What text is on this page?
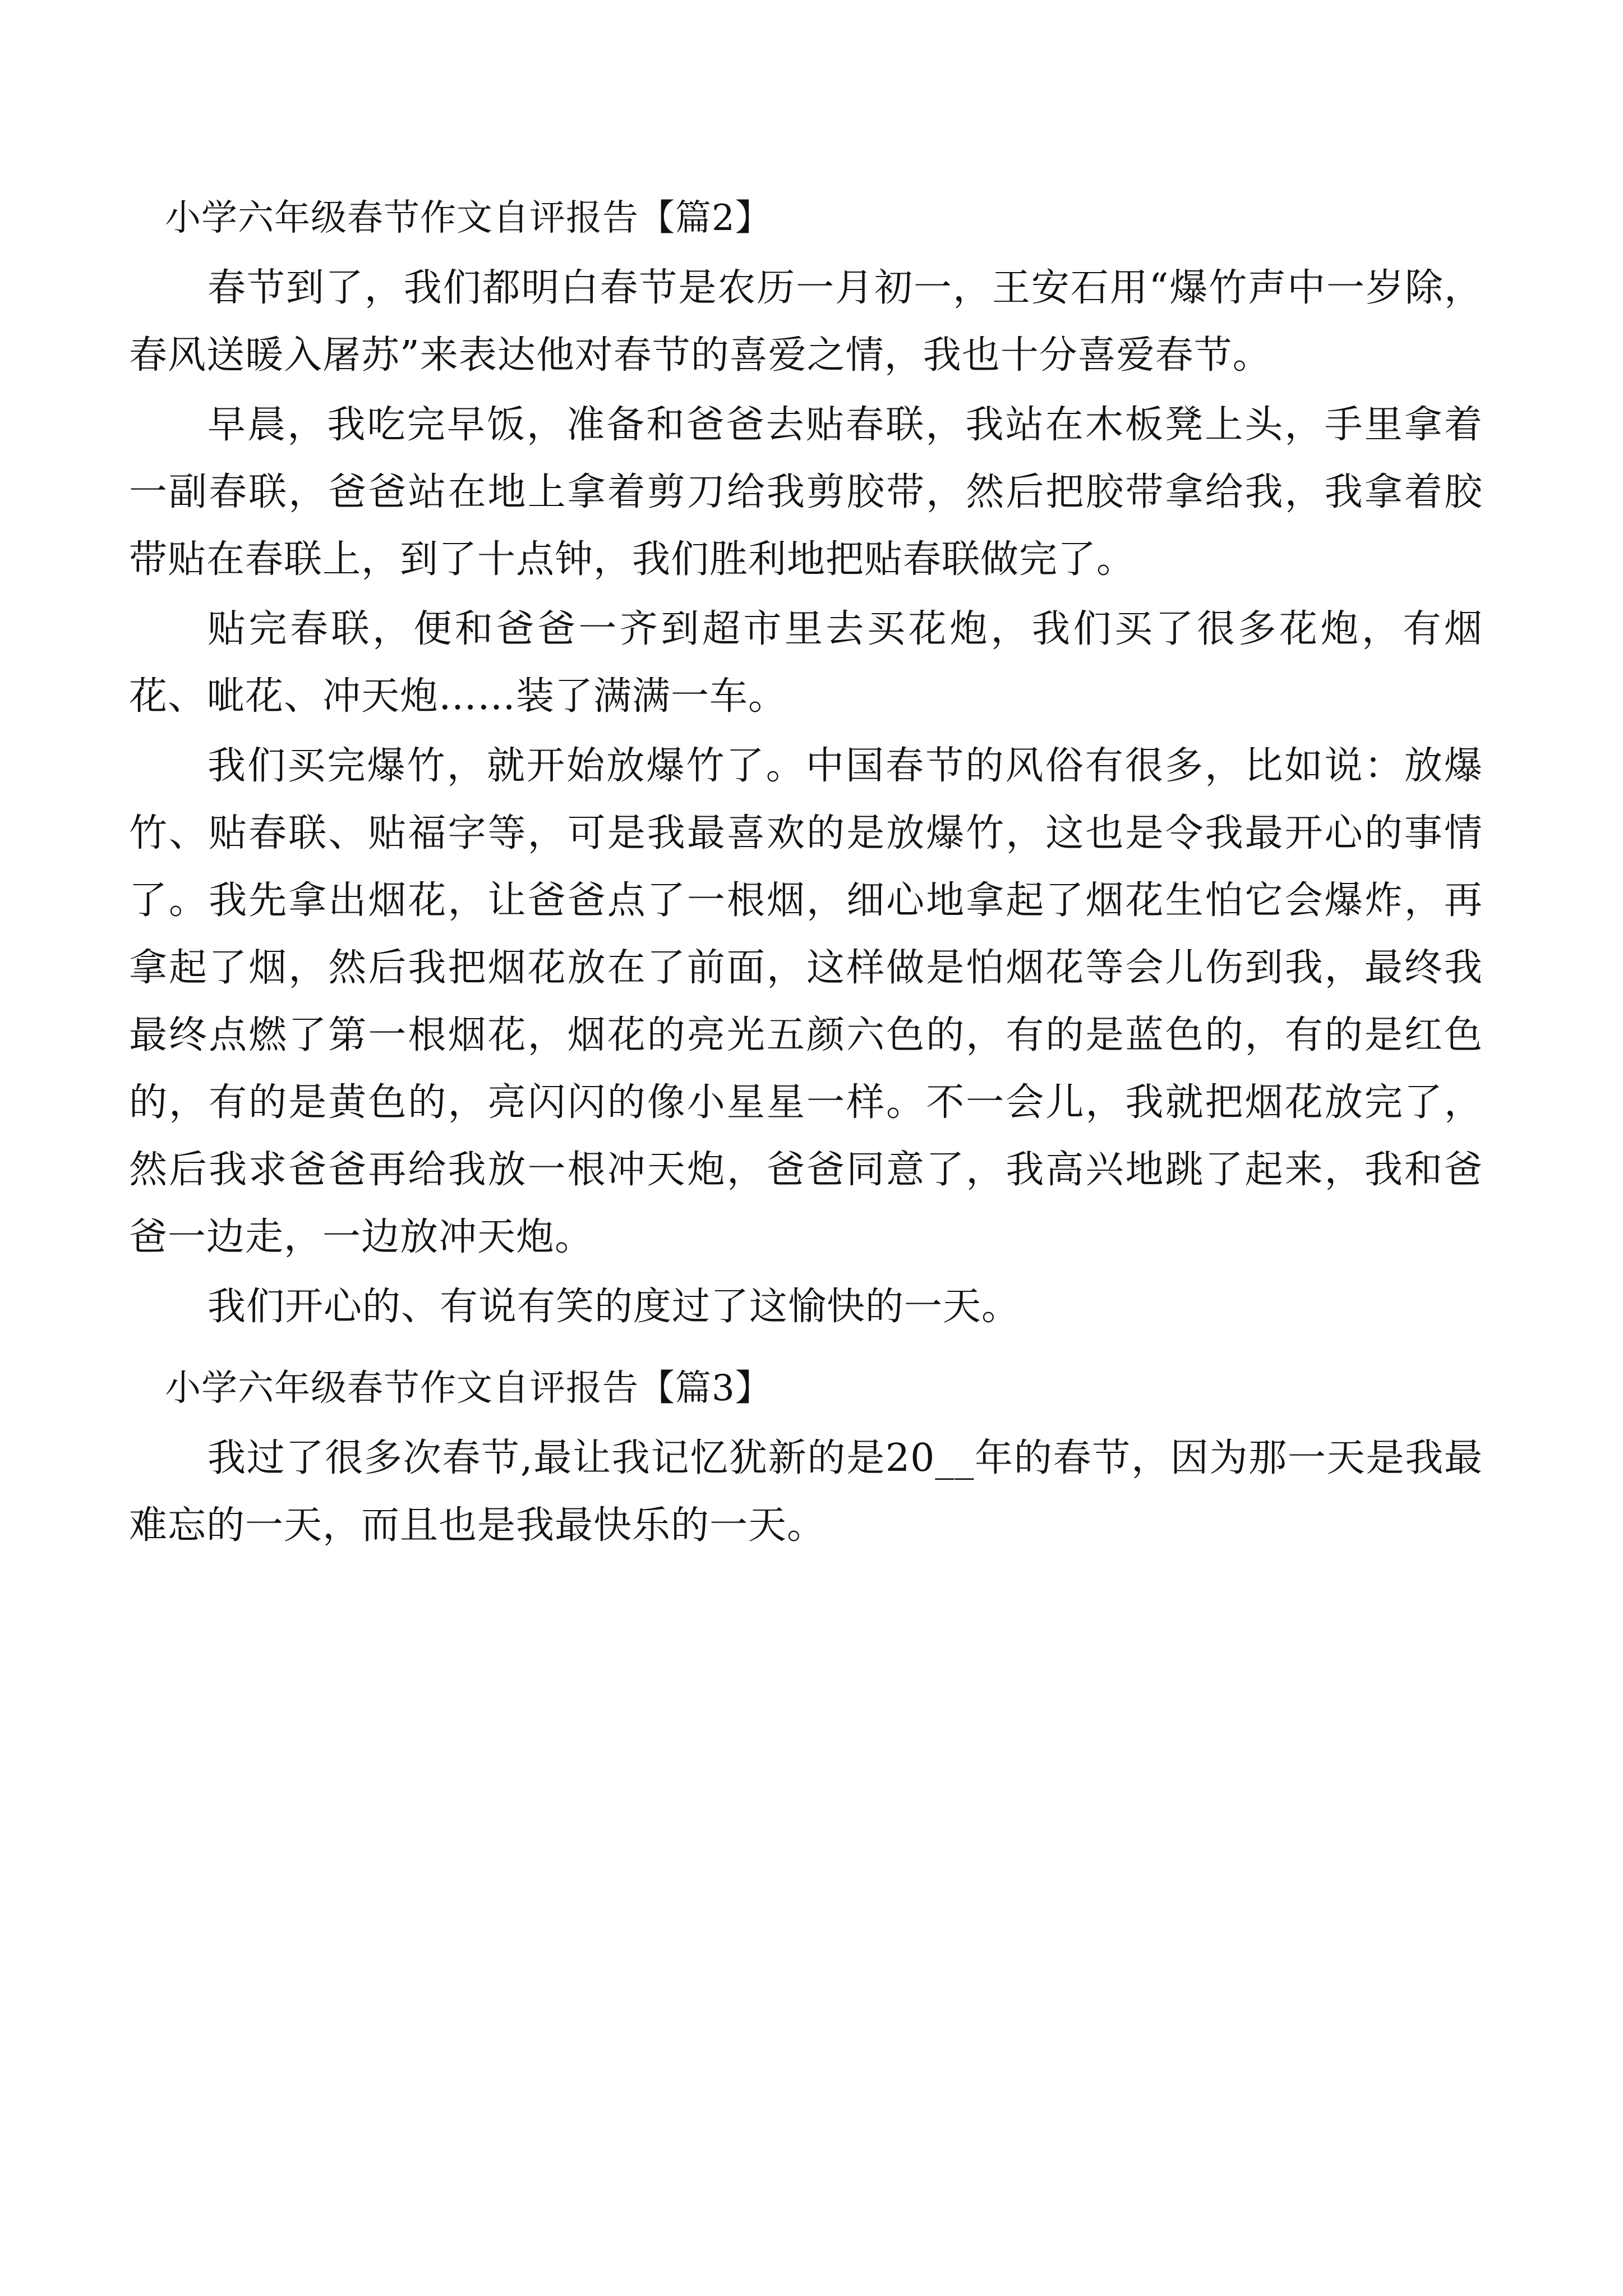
小学六年级春节作文自评报告【篇2】

春节到了，我们都明白春节是农历一月初一，王安石用“爆竹声中一岁除，春风送暖入屠苏”来表达他对春节的喜爱之情，我也十分喜爱春节。

早晨，我吃完早饭，准备和爸爸去贴春联，我站在木板凳上头，手里拿着一副春联，爸爸站在地上拿着剪刀给我剪胶带，然后把胶带拿给我，我拿着胶带贴在春联上，到了十点钟，我们胜利地把贴春联做完了。

贴完春联，便和爸爸一齐到超市里去买花炮，我们买了很多花炮，有烟花、呲花、冲天炮……装了满满一车。

我们买完爆竹，就开始放爆竹了。中国春节的风俗有很多，比如说：放爆竹、贴春联、贴福字等，可是我最喜欢的是放爆竹，这也是令我最开心的事情了。我先拿出烟花，让爸爸点了一根烟，细心地拿起了烟花生怕它会爆炸，再拿起了烟，然后我把烟花放在了前面，这样做是怕烟花等会儿伤到我，最终我最终点燃了第一根烟花，烟花的亮光五颜六色的，有的是蓝色的，有的是红色的，有的是黄色的，亮闪闪的像小星星一样。不一会儿，我就把烟花放完了，然后我求爸爸再给我放一根冲天炮，爸爸同意了，我高兴地跳了起来，我和爸爸一边走，一边放冲天炮。

我们开心的、有说有笑的度过了这愉快的一天。

小学六年级春节作文自评报告【篇3】

我过了很多次春节,最让我记忆犹新的是20__年的春节，因为那一天是我最难忘的一天，而且也是我最快乐的一天。
